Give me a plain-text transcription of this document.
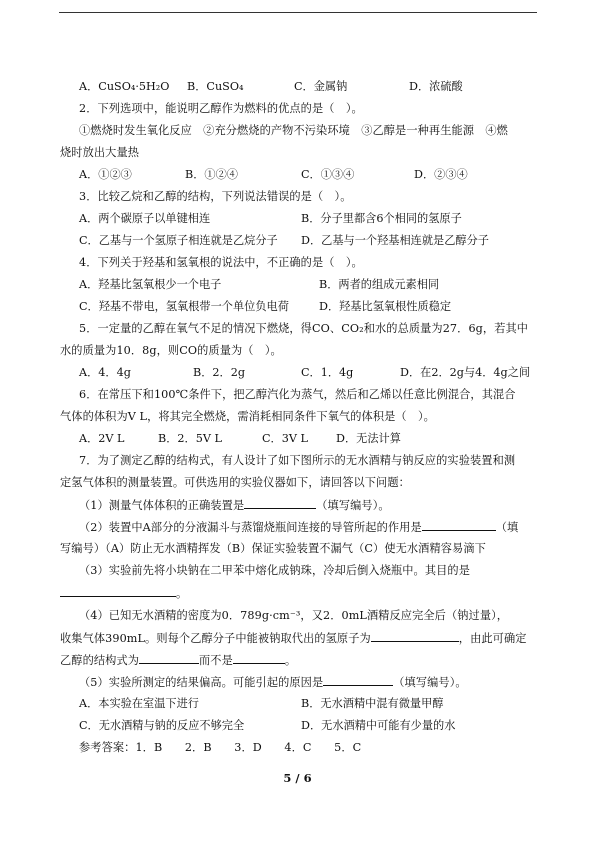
A．CuSO₄·5H₂O B．CuSO₄	C．金属钠	D．浓硫酸
2．下列选项中，能说明乙醇作为燃料的优点的是（　）。
①燃烧时发生氧化反应　②充分燃烧的产物不污染环境　③乙醇是一种再生能源　④燃
烧时放出大量热
A．①②③	B．①②④	C．①③④	D．②③④
3．比较乙烷和乙醇的结构，下列说法错误的是（　）。
A．两个碳原子以单键相连	B．分子里都含6个相同的氢原子
C．乙基与一个氢原子相连就是乙烷分子 D．乙基与一个羟基相连就是乙醇分子
4．下列关于羟基和氢氧根的说法中，不正确的是（　）。
A．羟基比氢氧根少一个电子	B．两者的组成元素相同
C．羟基不带电，氢氧根带一个单位负电荷	D．羟基比氢氧根性质稳定
5．一定量的乙醇在氧气不足的情况下燃烧，得CO、CO₂和水的总质量为27．6g，若其中
水的质量为10．8g，则CO的质量为（　）。
A．4．4g	B．2．2g	C．1．4g	D．在2．2g与4．4g之间
6．在常压下和100℃条件下，把乙醇汽化为蒸气，然后和乙烯以任意比例混合，其混合
气体的体积为V L，将其完全燃烧，需消耗相同条件下氧气的体积是（　）。
A．2V L	B．2．5V L	C．3V L	D．无法计算
7．为了测定乙醇的结构式，有人设计了如下图所示的无水酒精与钠反应的实验装置和测
定氢气体积的测量装置。可供选用的实验仪器如下，请回答以下问题：
（1）测量气体体积的正确装置是	（填写编号）。
（2）装置中A部分的分液漏斗与蒸馏烧瓶间连接的导管所起的作用是	（填
写编号）（A）防止无水酒精挥发（B）保证实验装置不漏气（C）使无水酒精容易滴下
（3）实验前先将小块钠在二甲苯中熔化成钠珠，冷却后倒入烧瓶中。其目的是
。
（4）已知无水酒精的密度为0．789g·cm⁻³，又2．0mL酒精反应完全后（钠过量），
收集气体390mL。则每个乙醇分子中能被钠取代出的氢原子为	，由此可确定
乙醇的结构式为	而不是	。
（5）实验所测定的结果偏高。可能引起的原因是	（填写编号）。
A．本实验在室温下进行	B．无水酒精中混有微量甲醇
C．无水酒精与钠的反应不够完全	D．无水酒精中可能有少量的水
参考答案：1．B　　2．B　　3．D　　4．C　　5．C
5 / 6
